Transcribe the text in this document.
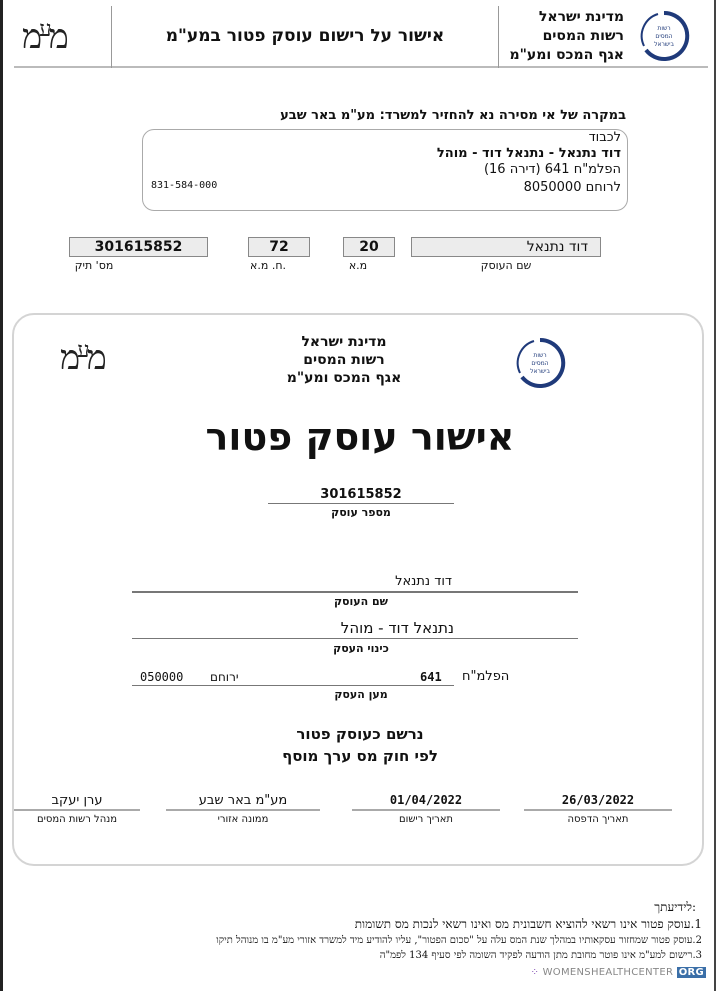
מ$^ע$מ	אישור על רישום עוסק פטור במע"מ
מדינת ישראל
רשות המסים
אגף המכס ומע"מ
רשות
המסים
בישראל
במקרה של אי מסירה נא להחזיר למשרד: מע"מ באר שבע
לכבוד
דוד נתנאל - נתנאל דוד - מוהל
הפלמ"ח 641 (דירה 16)
לרוחם 8050000
831-584-000
דוד נתנאל
שם העוסק
20
מ.א
72
.ח. מ.א
301615852
מס' תיק
מ$^ע$מ	מדינת ישראל
רשות המסים
אגף המכס ומע"מ
רשות
המסים
בישראל
אישור עוסק פטור
301615852
מספר עוסק
דוד נתנאל
שם העוסק
נתנאל דוד - מוהל
כינוי העסק
הפלמ"ח
641
ירוחם
050000
מען העסק
נרשם כעוסק פטור
לפי חוק מס ערך מוסף
26/03/2022
תאריך הדפסה
01/04/2022
תאריך רישום
מע"מ באר שבע
ממונה אזורי
ערן יעקב
מנהל רשות המסים
:לידיעתך
1.עוסק פטור אינו רשאי להוציא חשבונית מס ואינו רשאי לנכות מס תשומות
2.עוסק פטור שמחזור עסקאותיו במהלך שנת המס עלה על "סכום הפטור", עליו להודיע מיד למשרד אזורי מע"מ בו מנוהל תיקו
3.רישום למע"מ אינו פוטר מחובת מתן הודעה לפקיד השומה לפי סעיף 134 לפמ"ה
⁘ WOMENSHEALTHCENTER ORG
